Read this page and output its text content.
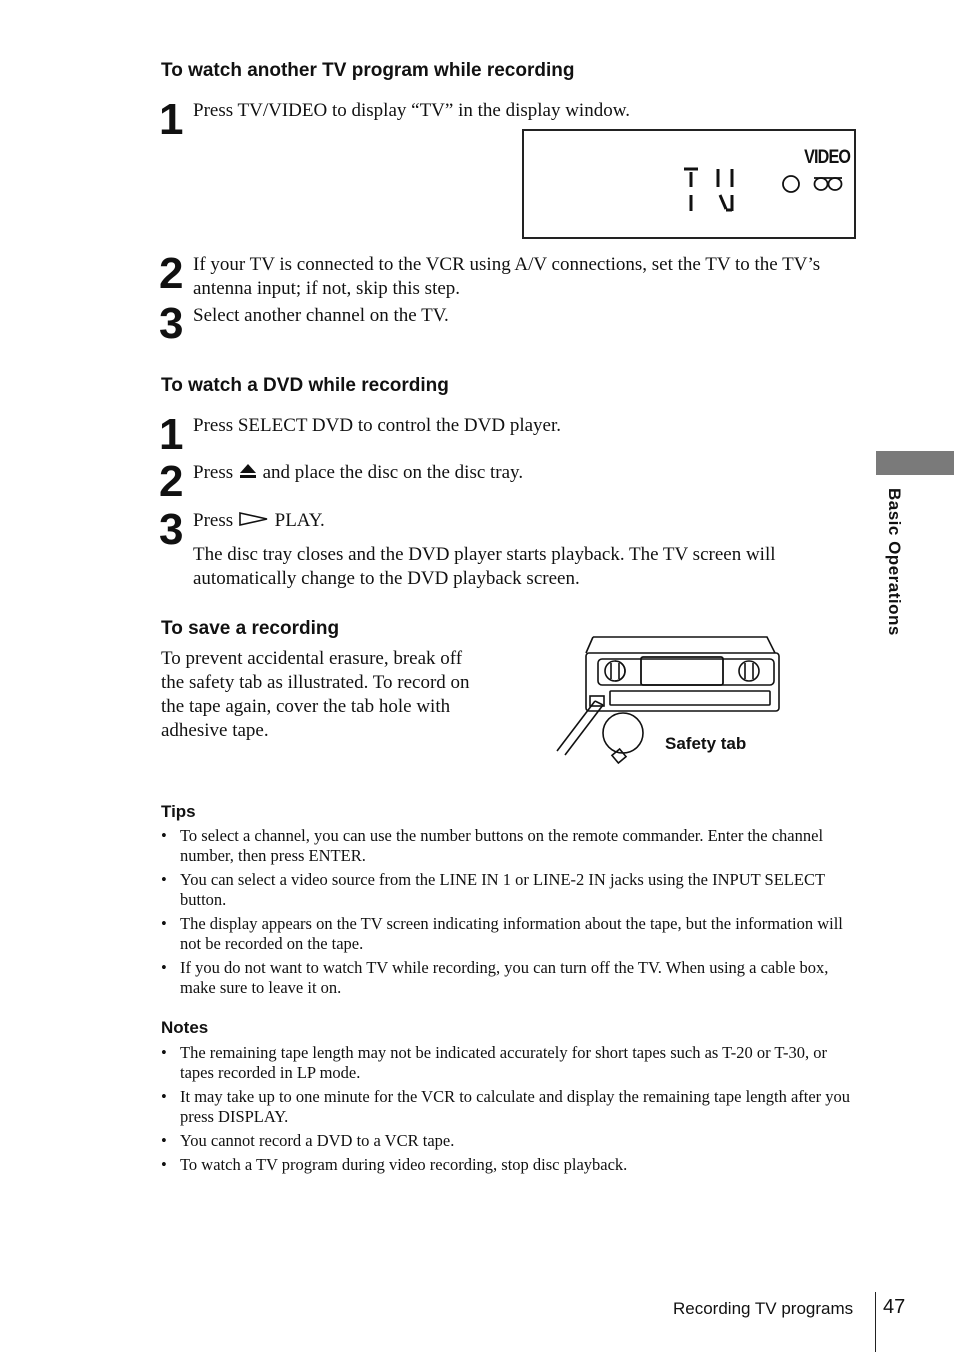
To watch another TV program while recording
1 Press TV/VIDEO to display “TV” in the display window.
VIDEO
2 If your TV is connected to the VCR using A/V connections, set the TV to the TV’s antenna input; if not, skip this step.
3 Select another channel on the TV.
To watch a DVD while recording
1 Press SELECT DVD to control the DVD player.
2 Press and place the disc on the disc tray.
3 Press PLAY.
The disc tray closes and the DVD player starts playback. The TV screen will automatically change to the DVD playback screen.
To save a recording
To prevent accidental erasure, break off the safety tab as illustrated. To record on the tape again, cover the tab hole with adhesive tape.
Safety tab
Tips
• To select a channel, you can use the number buttons on the remote commander. Enter the channel number, then press ENTER.
• You can select a video source from the LINE IN 1 or LINE-2 IN jacks using the INPUT SELECT button.
• The display appears on the TV screen indicating information about the tape, but the information will not be recorded on the tape.
• If you do not want to watch TV while recording, you can turn off the TV. When using a cable box, make sure to leave it on.
Notes
• The remaining tape length may not be indicated accurately for short tapes such as T-20 or T-30, or tapes recorded in LP mode.
• It may take up to one minute for the VCR to calculate and display the remaining tape length after you press DISPLAY.
• You cannot record a DVD to a VCR tape.
• To watch a TV program during video recording, stop disc playback.
Basic Operations
Recording TV programs 47
